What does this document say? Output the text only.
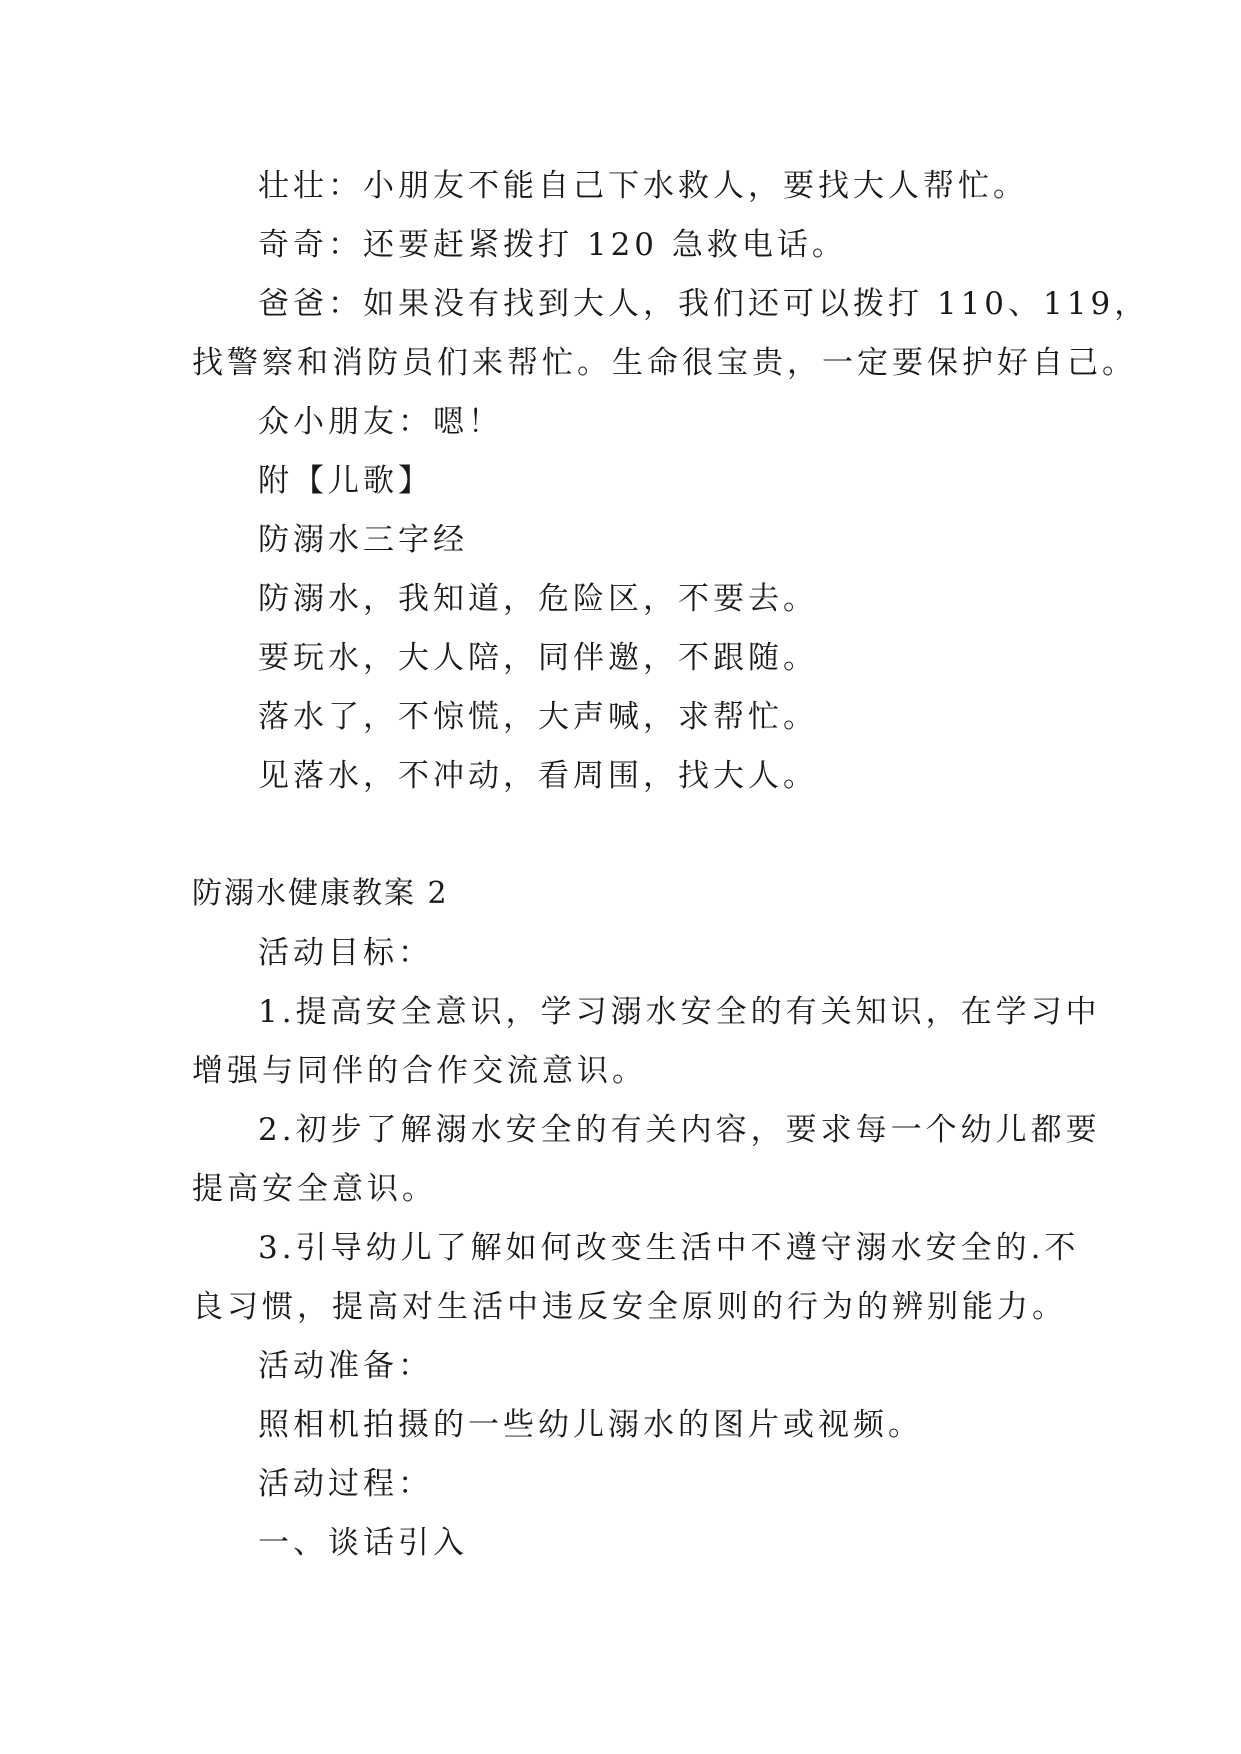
壮壮：小朋友不能自己下水救人，要找大人帮忙。
奇奇：还要赶紧拨打 120 急救电话。
爸爸：如果没有找到大人，我们还可以拨打 110、119，
找警察和消防员们来帮忙。生命很宝贵，一定要保护好自己。
众小朋友：嗯！
附【儿歌】
防溺水三字经
防溺水，我知道，危险区，不要去。
要玩水，大人陪，同伴邀，不跟随。
落水了，不惊慌，大声喊，求帮忙。
见落水，不冲动，看周围，找大人。
防溺水健康教案 2
活动目标：
1.提高安全意识，学习溺水安全的有关知识，在学习中
增强与同伴的合作交流意识。
2.初步了解溺水安全的有关内容，要求每一个幼儿都要
提高安全意识。
3.引导幼儿了解如何改变生活中不遵守溺水安全的.不
良习惯，提高对生活中违反安全原则的行为的辨别能力。
活动准备：
照相机拍摄的一些幼儿溺水的图片或视频。
活动过程：
一、谈话引入
